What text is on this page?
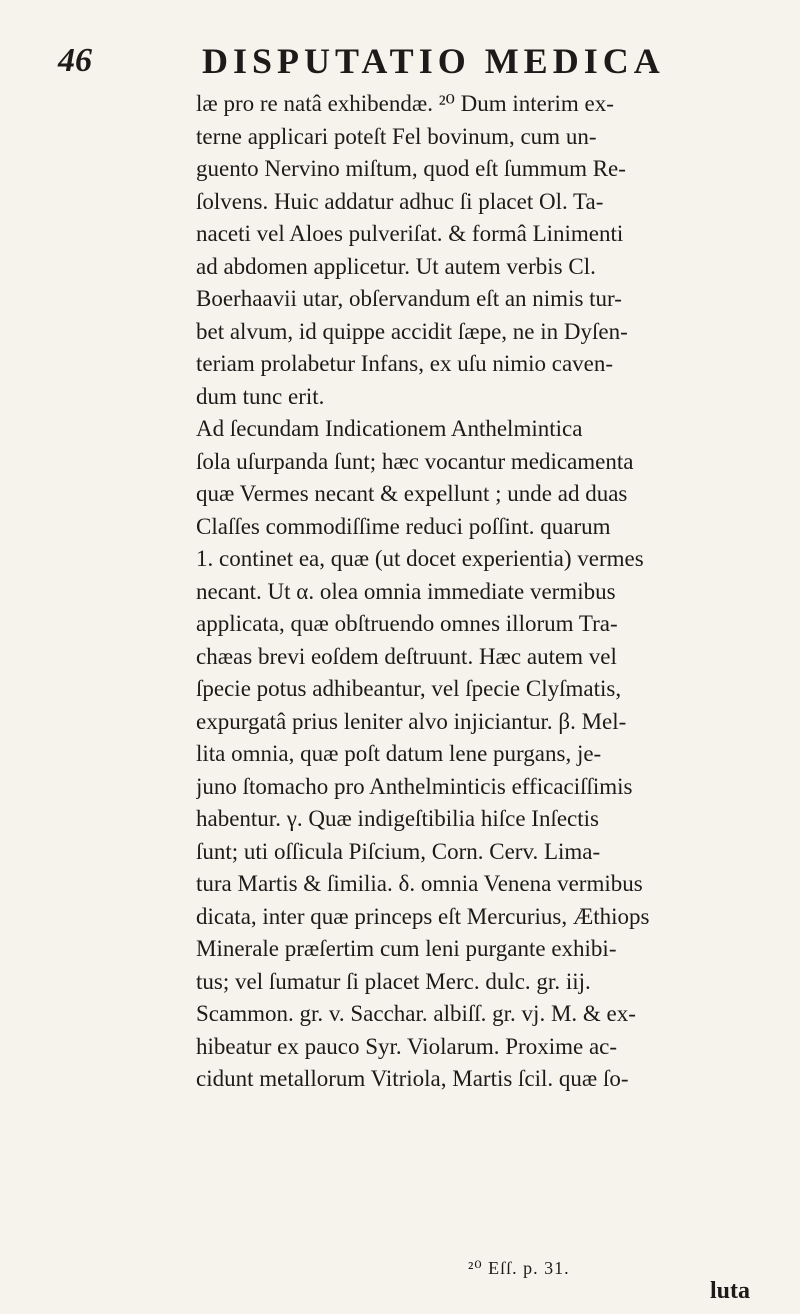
46	DISPUTATIO MEDICA
læ pro re natâ exhibendæ. ²⁰ Dum interim ex-
terne applicari poteſt Fel bovinum, cum un-
guento Nervino miſtum, quod eſt ſummum Re-
ſolvens. Huic addatur adhuc ſi placet Ol. Ta-
naceti vel Aloes pulveriſat. & formâ Linimenti
ad abdomen applicetur. Ut autem verbis Cl.
Boerhaavii utar, obſervandum eſt an nimis tur-
bet alvum, id quippe accidit ſæpe, ne in Dyſen-
teriam prolabetur Infans, ex uſu nimio caven-
dum tunc erit.
Ad ſecundam Indicationem Anthelmintica
ſola uſurpanda ſunt; hæc vocantur medicamenta
quæ Vermes necant & expellunt ; unde ad duas
Claſſes commodiſſime reduci poſſint. quarum
1. continet ea, quæ (ut docet experientia) vermes
necant. Ut α. olea omnia immediate vermibus
applicata, quæ obſtruendo omnes illorum Tra-
chæas brevi eoſdem deſtruunt. Hæc autem vel
ſpecie potus adhibeantur, vel ſpecie Clyſmatis,
expurgatâ prius leniter alvo injiciantur. β. Mel-
lita omnia, quæ poſt datum lene purgans, je-
juno ſtomacho pro Anthelminticis efficaciſſimis
habentur. γ. Quæ indigeſtibilia hiſce Inſectis
ſunt; uti oſſicula Piſcium, Corn. Cerv. Lima-
tura Martis & ſimilia. δ. omnia Venena vermibus
dicata, inter quæ princeps eſt Mercurius, Æthiops
Minerale præſertim cum leni purgante exhibi-
tus; vel ſumatur ſi placet Merc. dulc. gr. iij.
Scammon. gr. v. Sacchar. albiſſ. gr. vj. M. & ex-
hibeatur ex pauco Syr. Violarum. Proxime ac-
cidunt metallorum Vitriola, Martis ſcil. quæ ſo-
²⁰ Eſſ. p. 31.
luta
